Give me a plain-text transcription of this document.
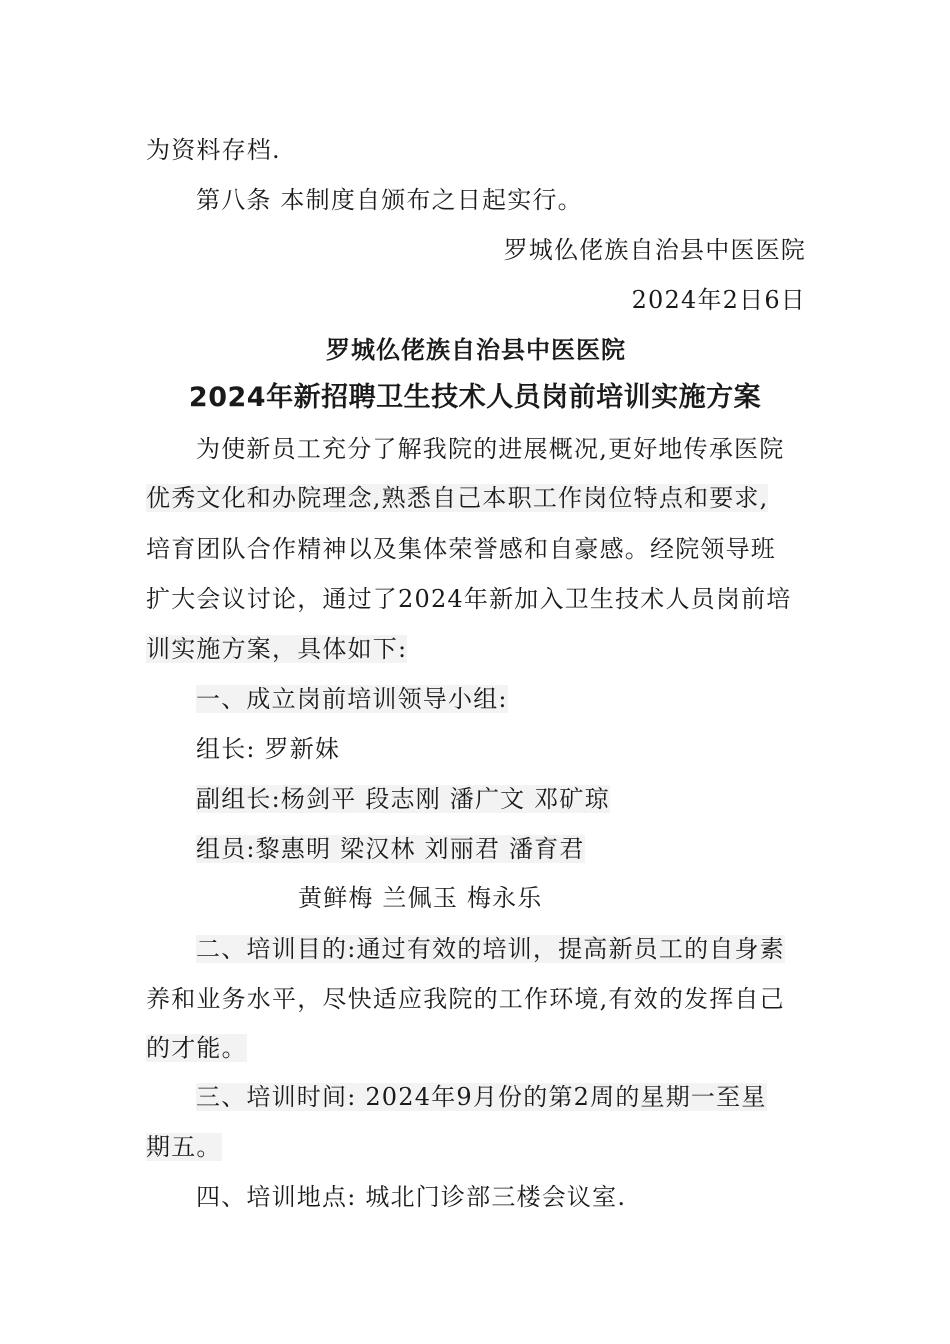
为资料存档.
第八条 本制度自颁布之日起实行。
罗城仫佬族自治县中医医院
2024年2日6日
罗城仫佬族自治县中医医院
2024年新招聘卫生技术人员岗前培训实施方案
为使新员工充分了解我院的进展概况,更好地传承医院
优秀文化和办院理念,熟悉自己本职工作岗位特点和要求,
培育团队合作精神以及集体荣誉感和自豪感。经院领导班
扩大会议讨论，通过了2024年新加入卫生技术人员岗前培
训实施方案，具体如下:
一、成立岗前培训领导小组:
组长: 罗新妹
副组长:杨剑平 段志刚 潘广文 邓矿琼
组员:黎惠明 梁汉林 刘丽君 潘育君
黄鲜梅 兰佩玉 梅永乐
二、培训目的:通过有效的培训，提高新员工的自身素
养和业务水平，尽快适应我院的工作环境,有效的发挥自己
的才能。
三、培训时间: 2024年9月份的第2周的星期一至星
期五。
四、培训地点: 城北门诊部三楼会议室.
